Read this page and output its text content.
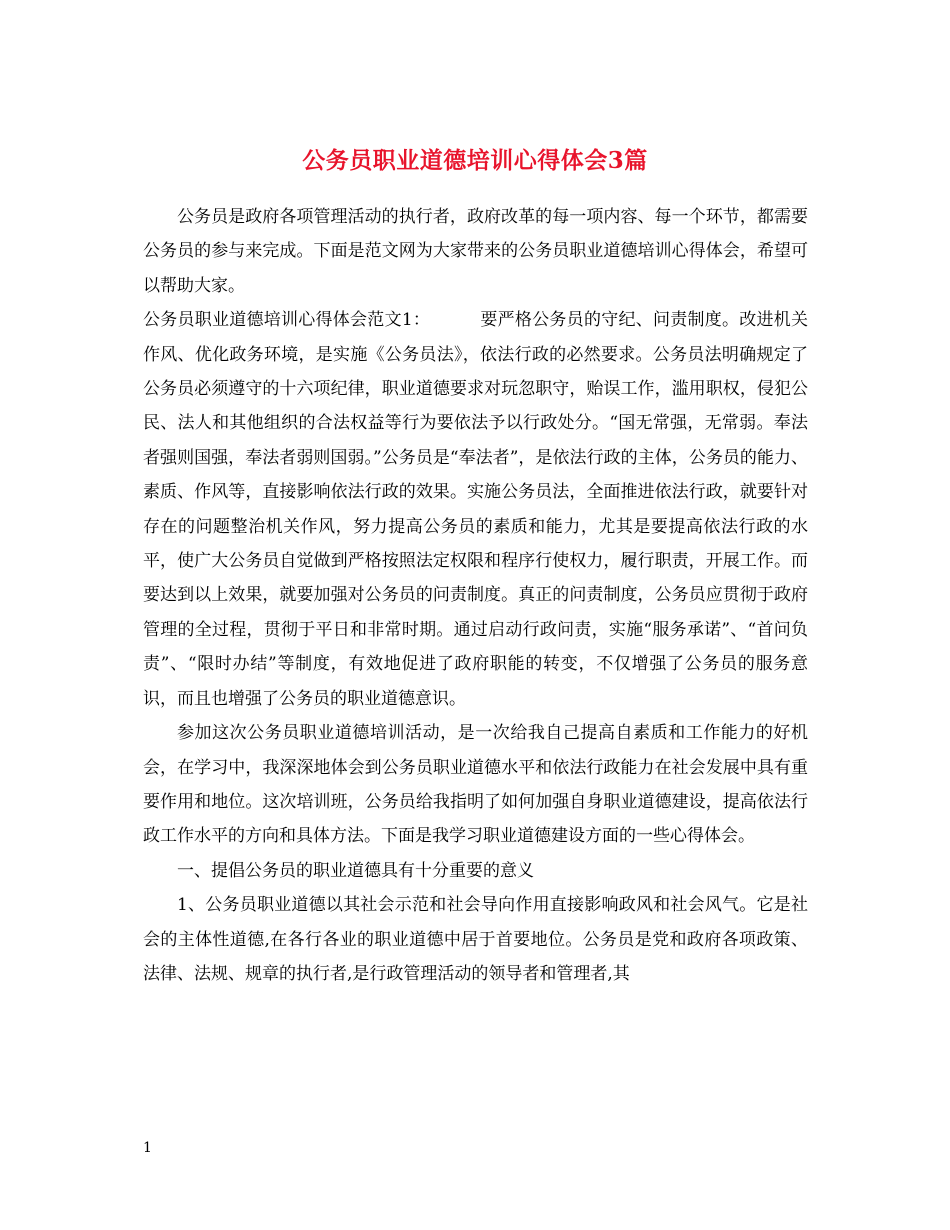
公务员职业道德培训心得体会3篇

公务员是政府各项管理活动的执行者，政府改革的每一项内容、每一个环节，都需要公务员的参与来完成。下面是范文网为大家带来的公务员职业道德培训心得体会，希望可以帮助大家。

公务员职业道德培训心得体会范文1：	要严格公务员的守纪、问责制度。改进机关作风、优化政务环境，是实施《公务员法》，依法行政的必然要求。公务员法明确规定了公务员必须遵守的十六项纪律，职业道德要求对玩忽职守，贻误工作，滥用职权，侵犯公民、法人和其他组织的合法权益等行为要依法予以行政处分。“国无常强，无常弱。奉法者强则国强，奉法者弱则国弱。”公务员是“奉法者”，是依法行政的主体，公务员的能力、素质、作风等，直接影响依法行政的效果。实施公务员法，全面推进依法行政，就要针对存在的问题整治机关作风，努力提高公务员的素质和能力，尤其是要提高依法行政的水平，使广大公务员自觉做到严格按照法定权限和程序行使权力，履行职责，开展工作。而要达到以上效果，就要加强对公务员的问责制度。真正的问责制度，公务员应贯彻于政府管理的全过程，贯彻于平日和非常时期。通过启动行政问责，实施“服务承诺”、“首问负责”、“限时办结”等制度，有效地促进了政府职能的转变，不仅增强了公务员的服务意识，而且也增强了公务员的职业道德意识。

参加这次公务员职业道德培训活动，是一次给我自己提高自素质和工作能力的好机会，在学习中，我深深地体会到公务员职业道德水平和依法行政能力在社会发展中具有重要作用和地位。这次培训班，公务员给我指明了如何加强自身职业道德建设，提高依法行政工作水平的方向和具体方法。下面是我学习职业道德建设方面的一些心得体会。

一、提倡公务员的职业道德具有十分重要的意义

1、公务员职业道德以其社会示范和社会导向作用直接影响政风和社会风气。它是社会的主体性道德,在各行各业的职业道德中居于首要地位。公务员是党和政府各项政策、法律、法规、规章的执行者,是行政管理活动的领导者和管理者,其

1
